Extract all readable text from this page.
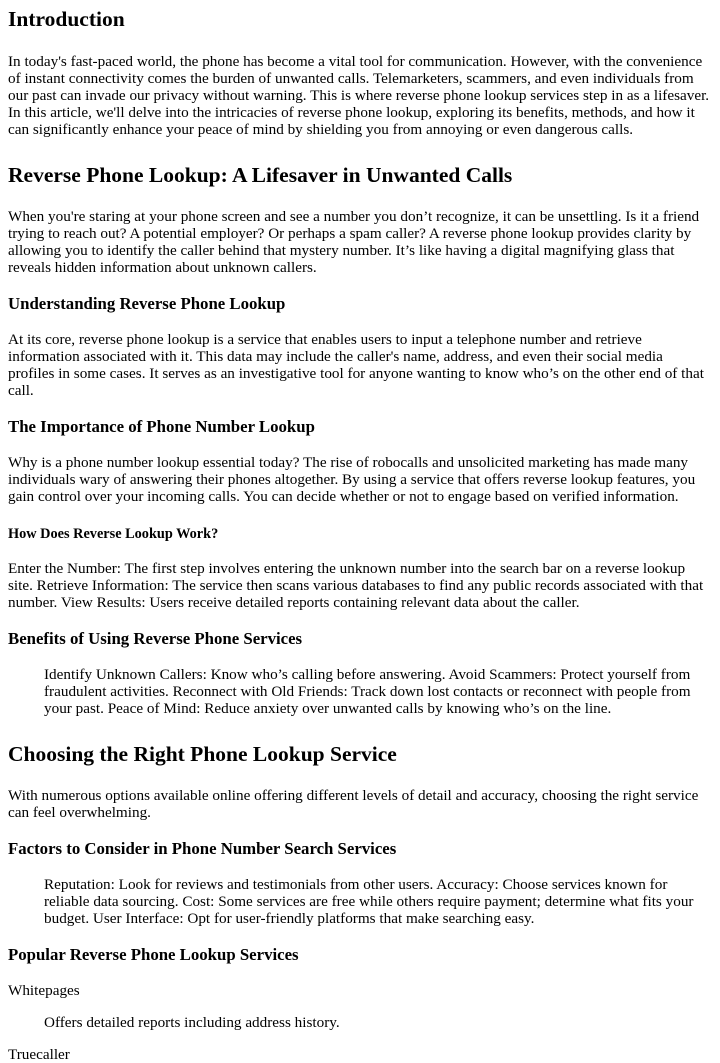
Introduction

In today's fast-paced world, the phone has become a vital tool for communication. However, with the convenience of instant connectivity comes the burden of unwanted calls. Telemarketers, scammers, and even individuals from our past can invade our privacy without warning. This is where reverse phone lookup services step in as a lifesaver. In this article, we'll delve into the intricacies of reverse phone lookup, exploring its benefits, methods, and how it can significantly enhance your peace of mind by shielding you from annoying or even dangerous calls.

Reverse Phone Lookup: A Lifesaver in Unwanted Calls

When you're staring at your phone screen and see a number you don’t recognize, it can be unsettling. Is it a friend trying to reach out? A potential employer? Or perhaps a spam caller? A reverse phone lookup provides clarity by allowing you to identify the caller behind that mystery number. It’s like having a digital magnifying glass that reveals hidden information about unknown callers.

Understanding Reverse Phone Lookup

At its core, reverse phone lookup is a service that enables users to input a telephone number and retrieve information associated with it. This data may include the caller's name, address, and even their social media profiles in some cases. It serves as an investigative tool for anyone wanting to know who’s on the other end of that call.

The Importance of Phone Number Lookup

Why is a phone number lookup essential today? The rise of robocalls and unsolicited marketing has made many individuals wary of answering their phones altogether. By using a service that offers reverse lookup features, you gain control over your incoming calls. You can decide whether or not to engage based on verified information.

How Does Reverse Lookup Work?

Enter the Number: The first step involves entering the unknown number into the search bar on a reverse lookup site. Retrieve Information: The service then scans various databases to find any public records associated with that number. View Results: Users receive detailed reports containing relevant data about the caller.

Benefits of Using Reverse Phone Services

Identify Unknown Callers: Know who’s calling before answering. Avoid Scammers: Protect yourself from fraudulent activities. Reconnect with Old Friends: Track down lost contacts or reconnect with people from your past. Peace of Mind: Reduce anxiety over unwanted calls by knowing who’s on the line.

Choosing the Right Phone Lookup Service

With numerous options available online offering different levels of detail and accuracy, choosing the right service can feel overwhelming.

Factors to Consider in Phone Number Search Services

Reputation: Look for reviews and testimonials from other users. Accuracy: Choose services known for reliable data sourcing. Cost: Some services are free while others require payment; determine what fits your budget. User Interface: Opt for user-friendly platforms that make searching easy.

Popular Reverse Phone Lookup Services

Whitepages

Offers detailed reports including address history.

Truecaller
